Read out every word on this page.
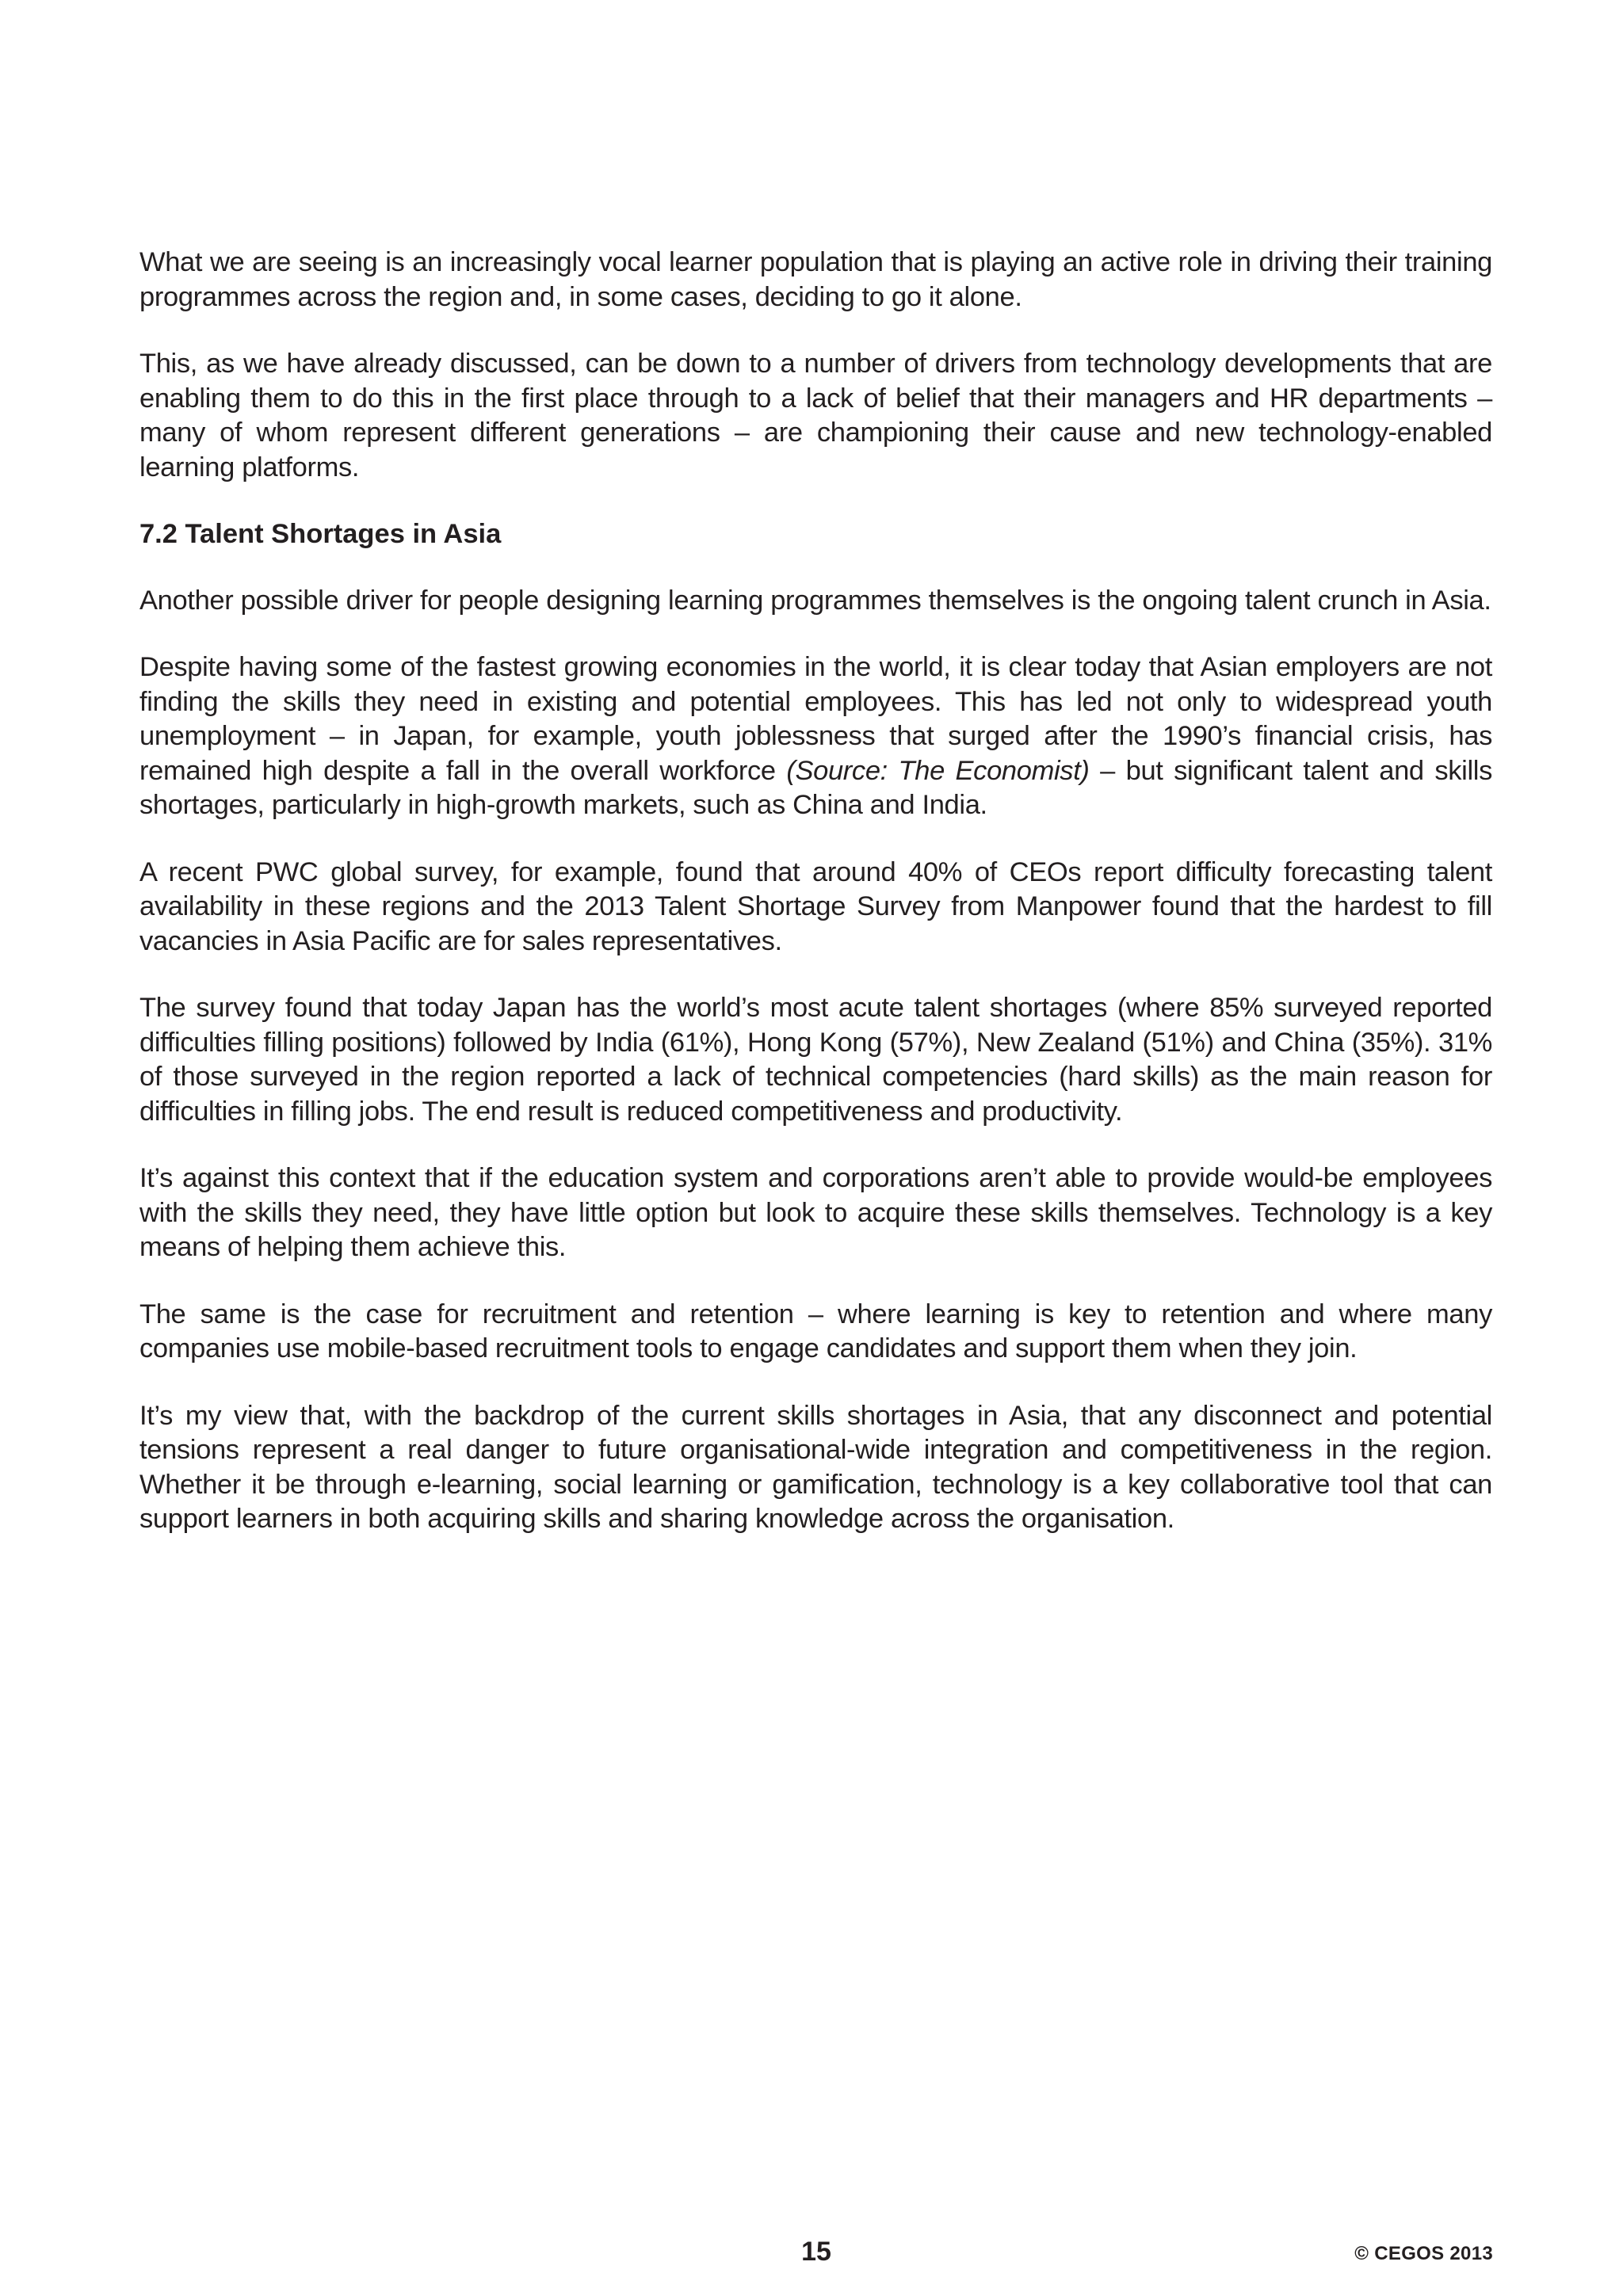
What we are seeing is an increasingly vocal learner population that is playing an active role in driving their training programmes across the region and, in some cases, deciding to go it alone.

This, as we have already discussed, can be down to a number of drivers from technology developments that are enabling them to do this in the first place through to a lack of belief that their managers and HR departments – many of whom represent different generations – are championing their cause and new technology-enabled learning platforms.

7.2 Talent Shortages in Asia

Another possible driver for people designing learning programmes themselves is the ongoing talent crunch in Asia.

Despite having some of the fastest growing economies in the world, it is clear today that Asian employers are not finding the skills they need in existing and potential employees. This has led not only to widespread youth unemployment – in Japan, for example, youth joblessness that surged after the 1990’s financial crisis, has remained high despite a fall in the overall workforce (Source: The Economist) – but significant talent and skills shortages, particularly in high-growth markets, such as China and India.

A recent PWC global survey, for example, found that around 40% of CEOs report difficulty forecasting talent availability in these regions and the 2013 Talent Shortage Survey from Manpower found that the hardest to fill vacancies in Asia Pacific are for sales representatives.

The survey found that today Japan has the world’s most acute talent shortages (where 85% surveyed reported difficulties filling positions) followed by India (61%), Hong Kong (57%), New Zealand (51%) and China (35%). 31% of those surveyed in the region reported a lack of technical competencies (hard skills) as the main reason for difficulties in filling jobs. The end result is reduced competitiveness and productivity.

It’s against this context that if the education system and corporations aren’t able to provide would-be employees with the skills they need, they have little option but look to acquire these skills themselves. Technology is a key means of helping them achieve this.

The same is the case for recruitment and retention – where learning is key to retention and where many companies use mobile-based recruitment tools to engage candidates and support them when they join.

It’s my view that, with the backdrop of the current skills shortages in Asia, that any disconnect and potential tensions represent a real danger to future organisational-wide integration and competitiveness in the region. Whether it be through e-learning, social learning or gamification, technology is a key collaborative tool that can support learners in both acquiring skills and sharing knowledge across the organisation.

15	© CEGOS 2013
